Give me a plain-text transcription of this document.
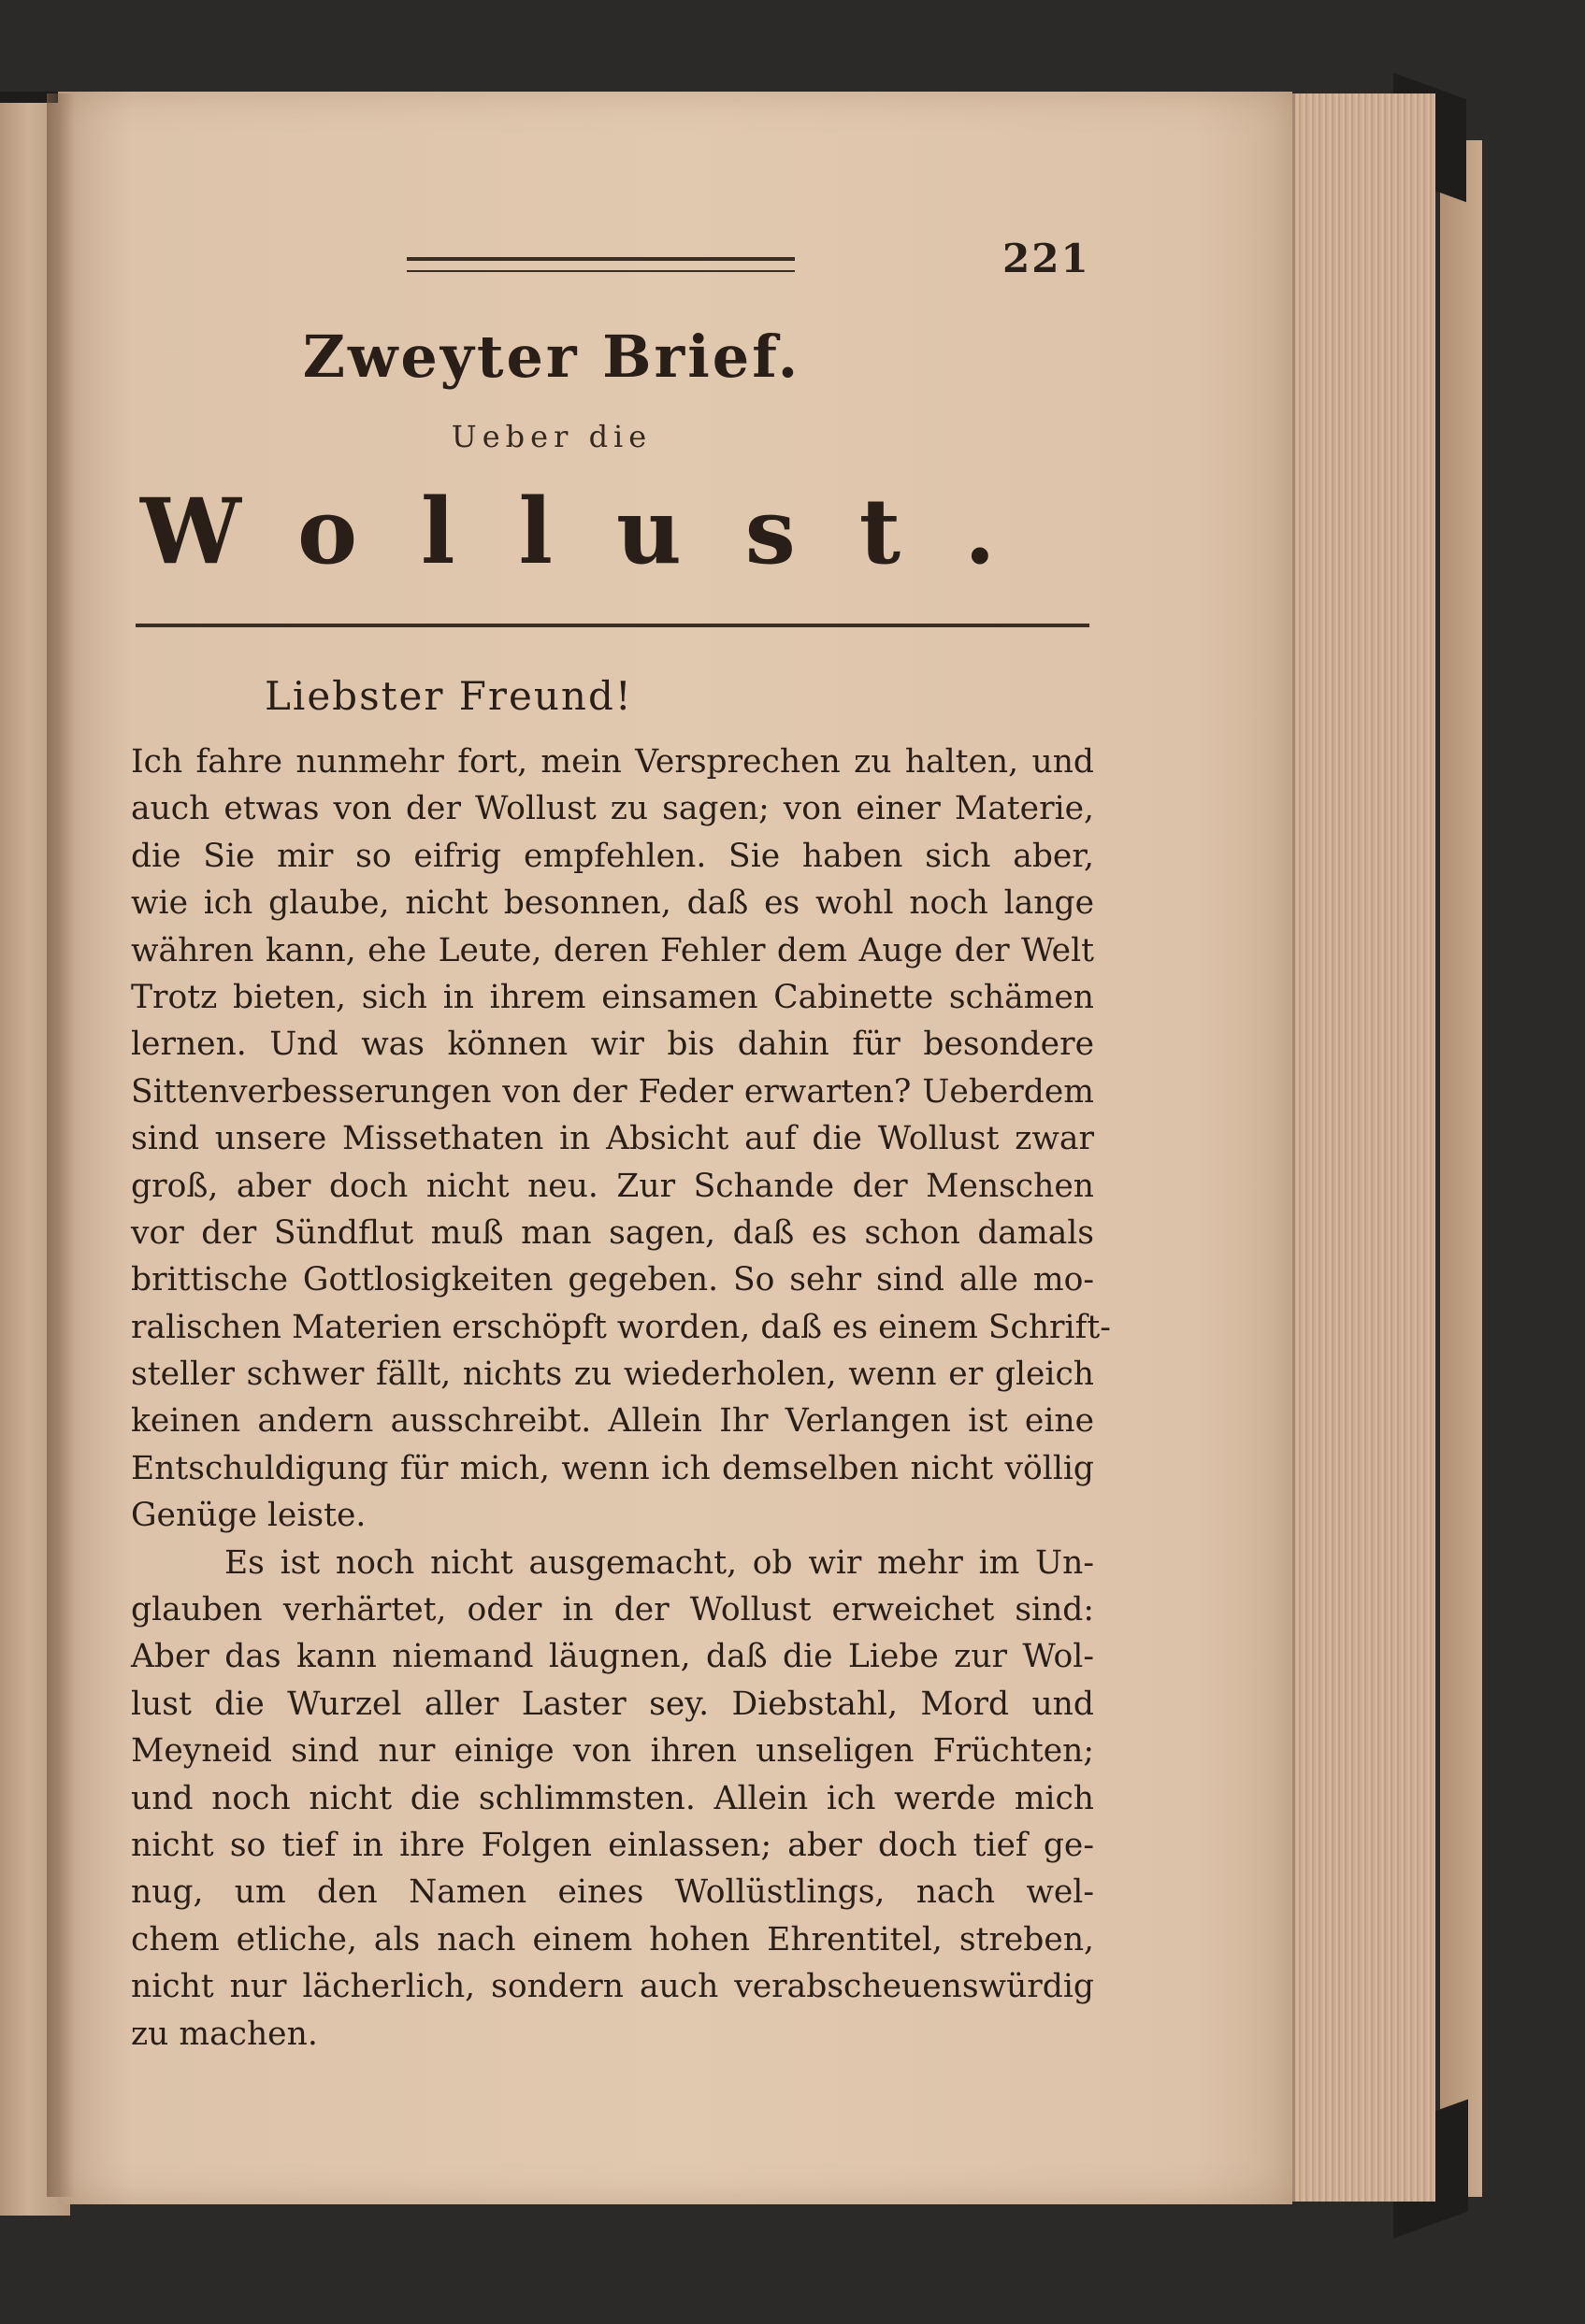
221
Zweyter Brief.
Ueber die
Wollust.
Liebster Freund!
Ich fahre nunmehr fort, mein Versprechen zu halten, und
auch etwas von der Wollust zu sagen; von einer Materie,
die Sie mir so eifrig empfehlen. Sie haben sich aber,
wie ich glaube, nicht besonnen, daß es wohl noch lange
währen kann, ehe Leute, deren Fehler dem Auge der Welt
Trotz bieten, sich in ihrem einsamen Cabinette schämen
lernen. Und was können wir bis dahin für besondere
Sittenverbesserungen von der Feder erwarten? Ueberdem
sind unsere Missethaten in Absicht auf die Wollust zwar
groß, aber doch nicht neu. Zur Schande der Menschen
vor der Sündflut muß man sagen, daß es schon damals
brittische Gottlosigkeiten gegeben. So sehr sind alle mo-
ralischen Materien erschöpft worden, daß es einem Schrift-
steller schwer fällt, nichts zu wiederholen, wenn er gleich
keinen andern ausschreibt. Allein Ihr Verlangen ist eine
Entschuldigung für mich, wenn ich demselben nicht völlig
Genüge leiste.
Es ist noch nicht ausgemacht, ob wir mehr im Un-
glauben verhärtet, oder in der Wollust erweichet sind:
Aber das kann niemand läugnen, daß die Liebe zur Wol-
lust die Wurzel aller Laster sey. Diebstahl, Mord und
Meyneid sind nur einige von ihren unseligen Früchten;
und noch nicht die schlimmsten. Allein ich werde mich
nicht so tief in ihre Folgen einlassen; aber doch tief ge-
nug, um den Namen eines Wollüstlings, nach wel-
chem etliche, als nach einem hohen Ehrentitel, streben,
nicht nur lächerlich, sondern auch verabscheuenswürdig
zu machen.
